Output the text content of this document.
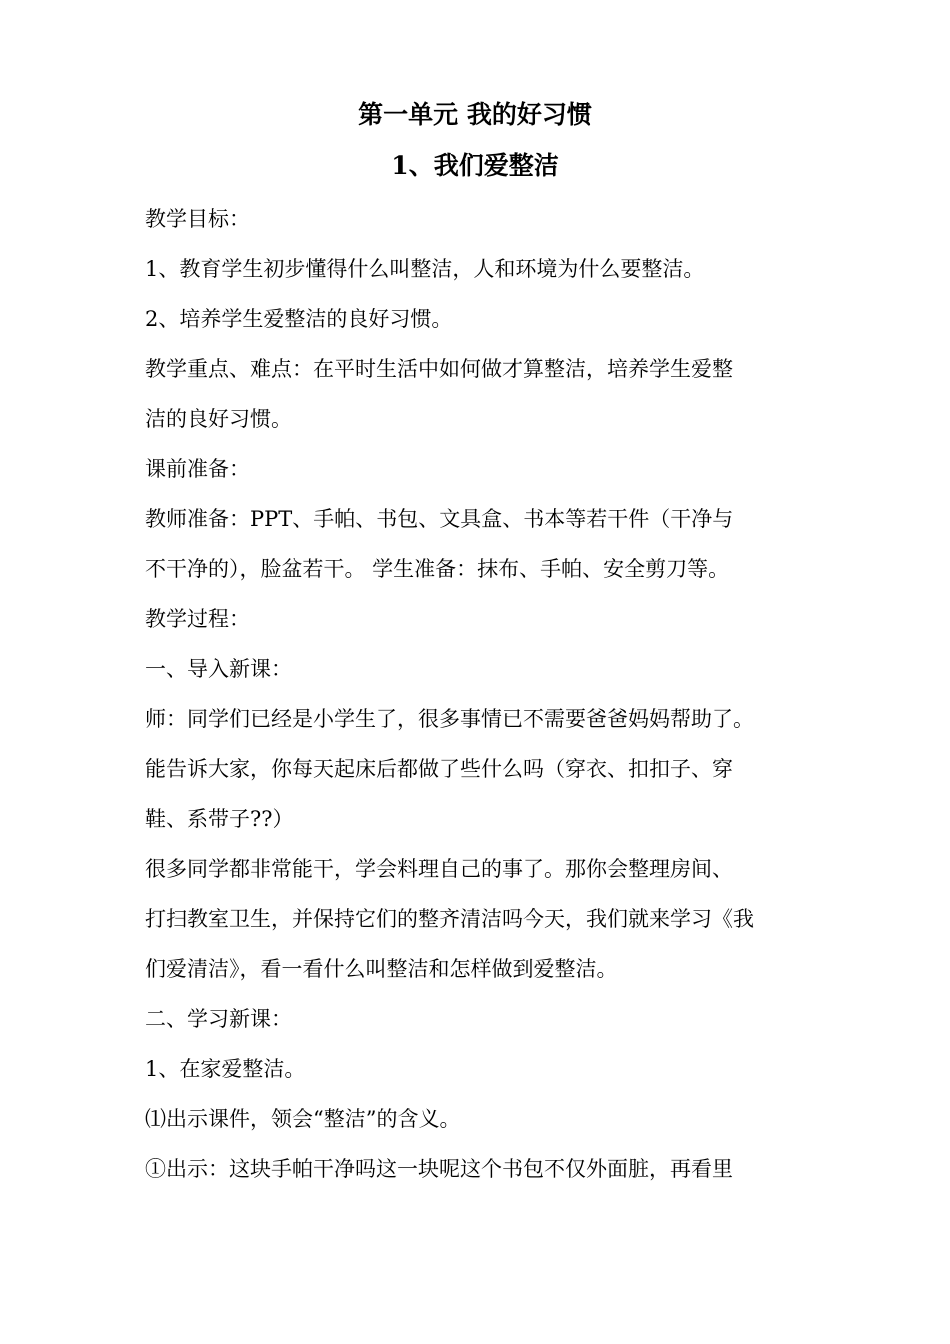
第一单元 我的好习惯
1、我们爱整洁
教学目标：
1、教育学生初步懂得什么叫整洁，人和环境为什么要整洁。
2、培养学生爱整洁的良好习惯。
教学重点、难点：在平时生活中如何做才算整洁，培养学生爱整
洁的良好习惯。
课前准备：
教师准备：PPT、手帕、书包、文具盒、书本等若干件（干净与
不干净的），脸盆若干。 学生准备：抹布、手帕、安全剪刀等。
教学过程：
一、导入新课：
师：同学们已经是小学生了，很多事情已不需要爸爸妈妈帮助了。
能告诉大家，你每天起床后都做了些什么吗（穿衣、扣扣子、穿
鞋、系带子??）
很多同学都非常能干，学会料理自己的事了。那你会整理房间、
打扫教室卫生，并保持它们的整齐清洁吗今天，我们就来学习《我
们爱清洁》，看一看什么叫整洁和怎样做到爱整洁。
二、学习新课：
1、在家爱整洁。
⑴出示课件，领会“整洁”的含义。
①出示：这块手帕干净吗这一块呢这个书包不仅外面脏，再看里
